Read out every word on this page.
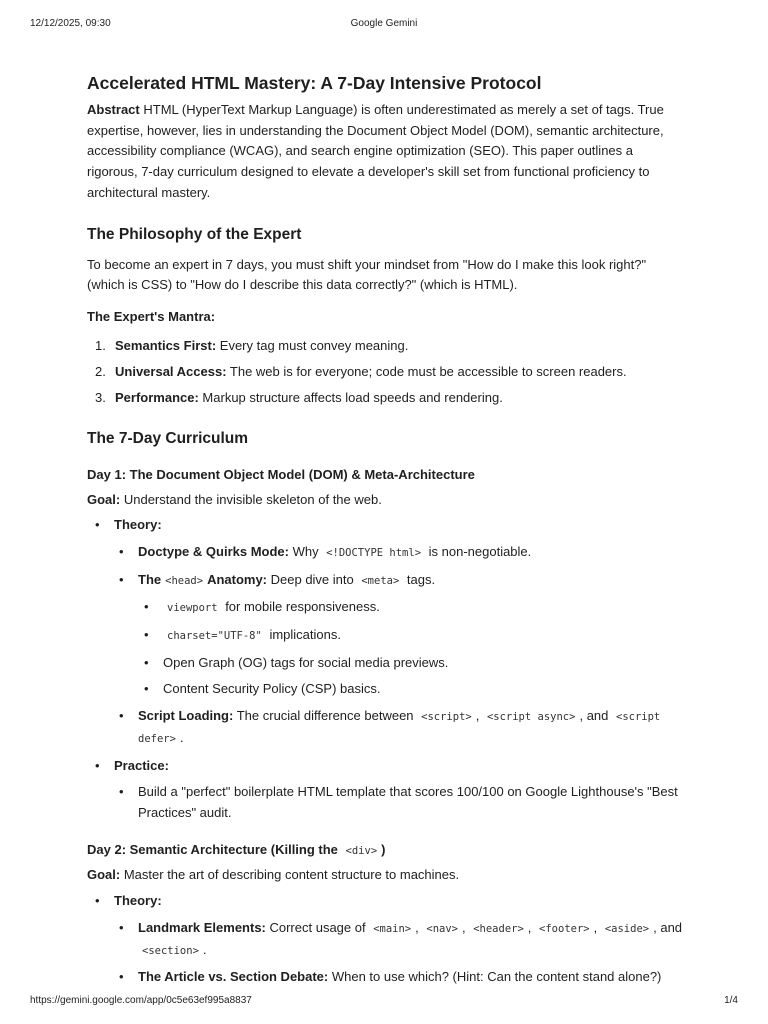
12/12/2025, 09:30	Google Gemini
Accelerated HTML Mastery: A 7-Day Intensive Protocol

Abstract HTML (HyperText Markup Language) is often underestimated as merely a set of tags. True expertise, however, lies in understanding the Document Object Model (DOM), semantic architecture, accessibility compliance (WCAG), and search engine optimization (SEO). This paper outlines a rigorous, 7-day curriculum designed to elevate a developer's skill set from functional proficiency to architectural mastery.

The Philosophy of the Expert

To become an expert in 7 days, you must shift your mindset from "How do I make this look right?" (which is CSS) to "How do I describe this data correctly?" (which is HTML).

The Expert's Mantra:

1. Semantics First: Every tag must convey meaning.
2. Universal Access: The web is for everyone; code must be accessible to screen readers.
3. Performance: Markup structure affects load speeds and rendering.
The 7-Day Curriculum

Day 1: The Document Object Model (DOM) & Meta-Architecture

Goal: Understand the invisible skeleton of the web.

• Theory:
• Doctype & Quirks Mode: Why <!DOCTYPE html> is non-negotiable.
• The <head> Anatomy: Deep dive into <meta> tags.
• viewport for mobile responsiveness.
• charset="UTF-8" implications.
• Open Graph (OG) tags for social media previews.
• Content Security Policy (CSP) basics.
• Script Loading: The crucial difference between <script> , <script async> , and <script defer> .
• Practice:
• Build a "perfect" boilerplate HTML template that scores 100/100 on Google Lighthouse's "Best Practices" audit.

Day 2: Semantic Architecture (Killing the <div> )

Goal: Master the art of describing content structure to machines.

• Theory:
• Landmark Elements: Correct usage of <main> , <nav> , <header> , <footer> , <aside> , and <section> .
• The Article vs. Section Debate: When to use which? (Hint: Can the content stand alone?)
https://gemini.google.com/app/0c5e63ef995a8837	1/4
